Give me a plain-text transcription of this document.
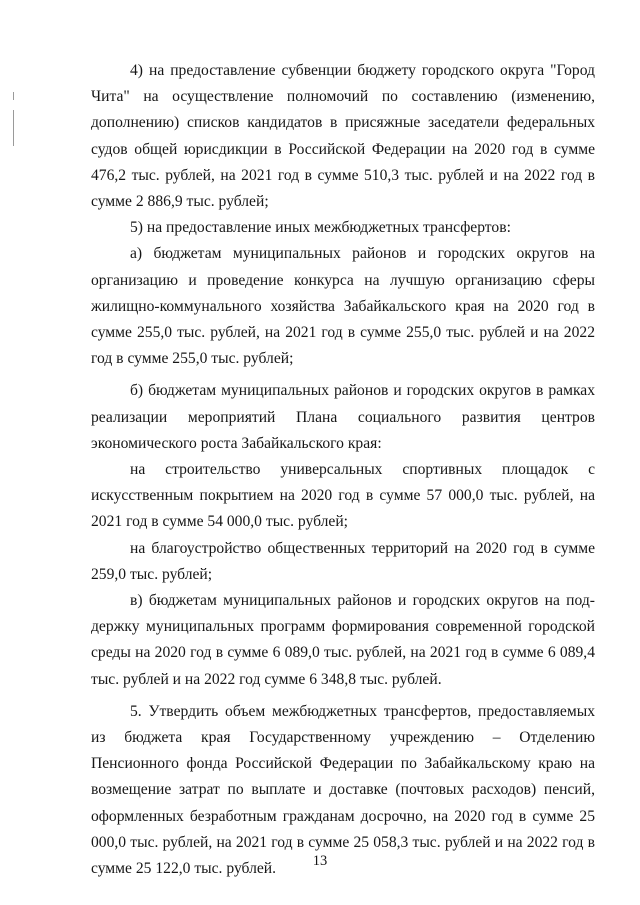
4) на предоставление субвенции бюджету городского округа "Город Чита" на осуществление полномочий по составлению (изменению, дополнению) списков кандидатов в присяжные заседатели федеральных судов общей юрисдикции в Российской Федерации на 2020 год в сумме 476,2 тыс. рублей, на 2021 год в сумме 510,3 тыс. рублей и на 2022 год в сумме 2 886,9 тыс. рублей;

5) на предоставление иных межбюджетных трансфертов:

а) бюджетам муниципальных районов и городских округов на организацию и проведение конкурса на лучшую организацию сферы жилищно-коммунального хозяйства Забайкальского края на 2020 год в сумме 255,0 тыс. рублей, на 2021 год в сумме 255,0 тыс. рублей и на 2022 год в сумме 255,0 тыс. рублей;

б) бюджетам муниципальных районов и городских округов в рамках реализации мероприятий Плана социального развития центров экономического роста Забайкальского края:

на строительство универсальных спортивных площадок с искусственным покрытием на 2020 год в сумме 57 000,0 тыс. рублей, на 2021 год в сумме 54 000,0 тыс. рублей;

на благоустройство общественных территорий на 2020 год в сумме 259,0 тыс. рублей;

в) бюджетам муниципальных районов и городских округов на поддержку муниципальных программ формирования современной городской среды на 2020 год в сумме 6 089,0 тыс. рублей, на 2021 год в сумме 6 089,4 тыс. рублей и на 2022 год сумме 6 348,8 тыс. рублей.

5. Утвердить объем межбюджетных трансфертов, предоставляемых из бюджета края Государственному учреждению – Отделению Пенсионного фонда Российской Федерации по Забайкальскому краю на возмещение затрат по выплате и доставке (почтовых расходов) пенсий, оформленных безработным гражданам досрочно, на 2020 год в сумме 25 000,0 тыс. рублей, на 2021 год в сумме 25 058,3 тыс. рублей и на 2022 год в сумме 25 122,0 тыс. рублей.	13
